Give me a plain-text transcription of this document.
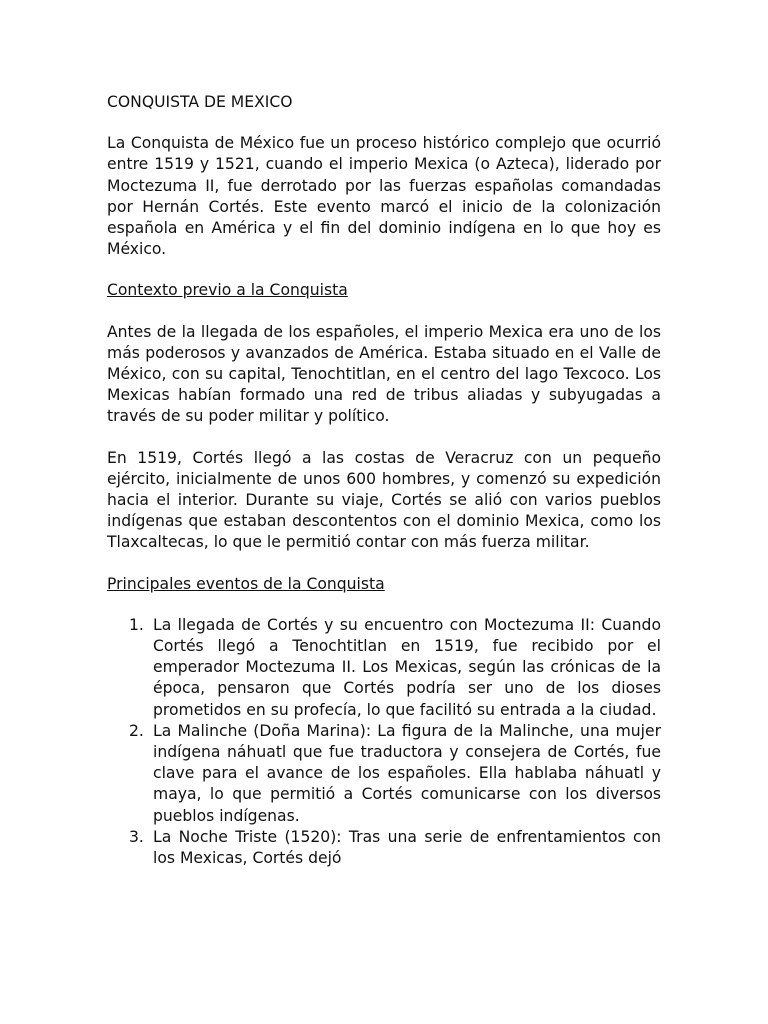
CONQUISTA DE MEXICO

La Conquista de México fue un proceso histórico complejo que ocurrió entre 1519 y 1521, cuando el imperio Mexica (o Azteca), liderado por Moctezuma II, fue derrotado por las fuerzas españolas comandadas por Hernán Cortés. Este evento marcó el inicio de la colonización española en América y el fin del dominio indígena en lo que hoy es México.

Contexto previo a la Conquista

Antes de la llegada de los españoles, el imperio Mexica era uno de los más poderosos y avanzados de América. Estaba situado en el Valle de México, con su capital, Tenochtitlan, en el centro del lago Texcoco. Los Mexicas habían formado una red de tribus aliadas y subyugadas a través de su poder militar y político.

En 1519, Cortés llegó a las costas de Veracruz con un pequeño ejército, inicialmente de unos 600 hombres, y comenzó su expedición hacia el interior. Durante su viaje, Cortés se alió con varios pueblos indígenas que estaban descontentos con el dominio Mexica, como los Tlaxcaltecas, lo que le permitió contar con más fuerza militar.

Principales eventos de la Conquista
1. La llegada de Cortés y su encuentro con Moctezuma II: Cuando Cortés llegó a Tenochtitlan en 1519, fue recibido por el emperador Moctezuma II. Los Mexicas, según las crónicas de la época, pensaron que Cortés podría ser uno de los dioses prometidos en su profecía, lo que facilitó su entrada a la ciudad.
2. La Malinche (Doña Marina): La figura de la Malinche, una mujer indígena náhuatl que fue traductora y consejera de Cortés, fue clave para el avance de los españoles. Ella hablaba náhuatl y maya, lo que permitió a Cortés comunicarse con los diversos pueblos indígenas.
3. La Noche Triste (1520): Tras una serie de enfrentamientos con los Mexicas, Cortés dejó
